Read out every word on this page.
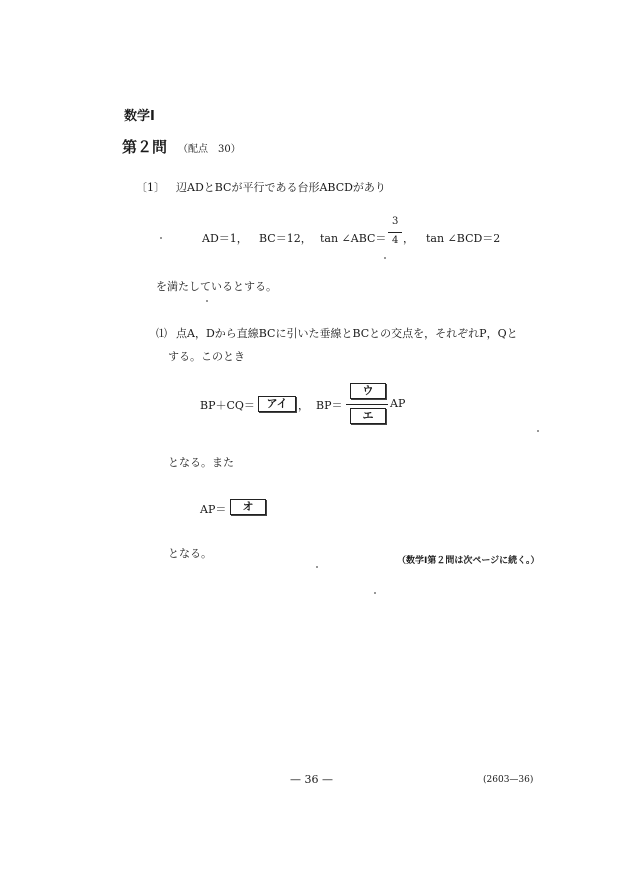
数学Ⅰ
第２問 （配点　30）
〔1〕 辺ADとBCが平行である台形ABCDがあり
AD＝1， BC＝12， tan ∠ABC＝
3
4 ， tan ∠BCD＝2
を満たしているとする。
⑴ 点A，Dから直線BCに引いた垂線とBCとの交点を，それぞれP，Qと
する。このとき
BP＋CQ＝	アイ ， BP＝
ウ
エ
AP
となる。また
AP＝	オ
となる。
（数学Ⅰ第２問は次ページに続く。）
— 36 —	(2603—36)
